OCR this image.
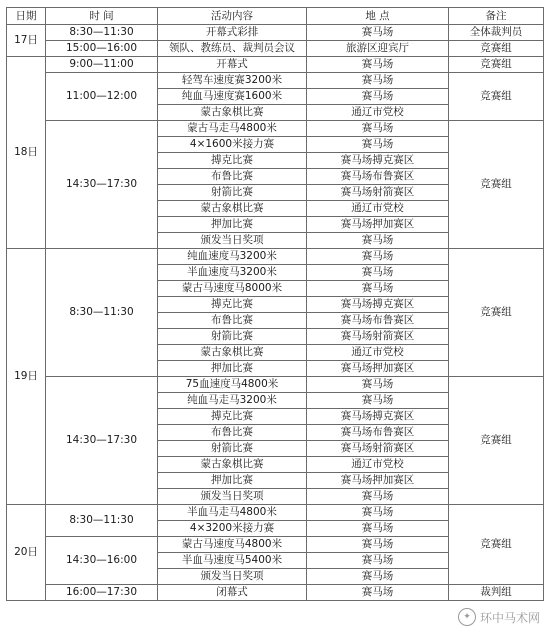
日期	时 间	活动内容	地 点	备注
17日	8:30—11:30	开幕式彩排	赛马场	全体裁判员
	15:00—16:00	领队、教练员、裁判员会议	旅游区迎宾厅	竞赛组
18日	9:00—11:00	开幕式	赛马场	竞赛组
	11:00—12:00	轻驾车速度赛3200米	赛马场	竞赛组
		纯血马速度赛1600米	赛马场	
		蒙古象棋比赛	通辽市党校	
	14:30—17:30	蒙古马走马4800米	赛马场	竞赛组
		4×1600米接力赛	赛马场	
		搏克比赛	赛马场搏克赛区	
		布鲁比赛	赛马场布鲁赛区	
		射箭比赛	赛马场射箭赛区	
		蒙古象棋比赛	通辽市党校	
		押加比赛	赛马场押加赛区	
		颁发当日奖项	赛马场	
19日	8:30—11:30	纯血速度马3200米	赛马场	竞赛组
		半血速度马3200米	赛马场	
		蒙古马速度马8000米	赛马场	
		搏克比赛	赛马场搏克赛区	
		布鲁比赛	赛马场布鲁赛区	
		射箭比赛	赛马场射箭赛区	
		蒙古象棋比赛	通辽市党校	
		押加比赛	赛马场押加赛区	
	14:30—17:30	75血速度马4800米	赛马场	竞赛组
		纯血马走马3200米	赛马场	
		搏克比赛	赛马场搏克赛区	
		布鲁比赛	赛马场布鲁赛区	
		射箭比赛	赛马场射箭赛区	
		蒙古象棋比赛	通辽市党校	
		押加比赛	赛马场押加赛区	
		颁发当日奖项	赛马场	
20日	8:30—11:30	半血马走马4800米	赛马场	竞赛组
		4×3200米接力赛	赛马场	
	14:30—16:00	蒙古马速度马4800米	赛马场	
		半血马速度马5400米	赛马场	
		颁发当日奖项	赛马场	
	16:00—17:30	闭幕式	赛马场	裁判组
✦ 环中马术网
